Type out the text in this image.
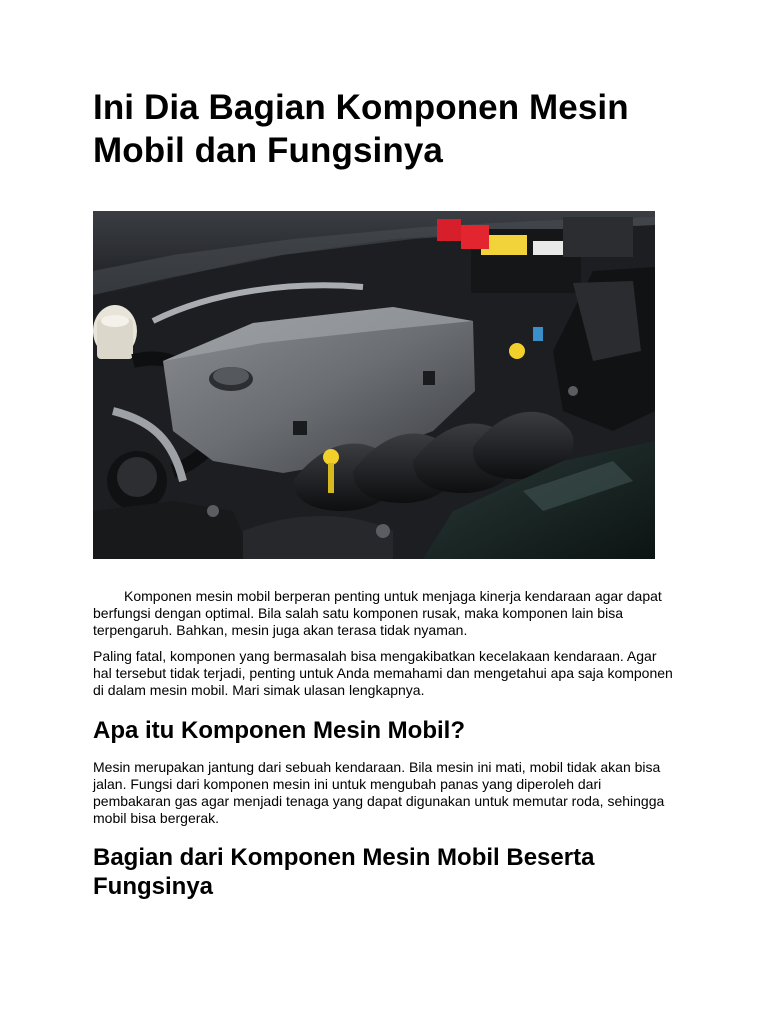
Ini Dia Bagian Komponen Mesin Mobil dan Fungsinya

Komponen mesin mobil berperan penting untuk menjaga kinerja kendaraan agar dapat berfungsi dengan optimal. Bila salah satu komponen rusak, maka komponen lain bisa terpengaruh. Bahkan, mesin juga akan terasa tidak nyaman.

Paling fatal, komponen yang bermasalah bisa mengakibatkan kecelakaan kendaraan. Agar hal tersebut tidak terjadi, penting untuk Anda memahami dan mengetahui apa saja komponen di dalam mesin mobil. Mari simak ulasan lengkapnya.

Apa itu Komponen Mesin Mobil?

Mesin merupakan jantung dari sebuah kendaraan. Bila mesin ini mati, mobil tidak akan bisa jalan. Fungsi dari komponen mesin ini untuk mengubah panas yang diperoleh dari pembakaran gas agar menjadi tenaga yang dapat digunakan untuk memutar roda, sehingga mobil bisa bergerak.

Bagian dari Komponen Mesin Mobil Beserta Fungsinya
